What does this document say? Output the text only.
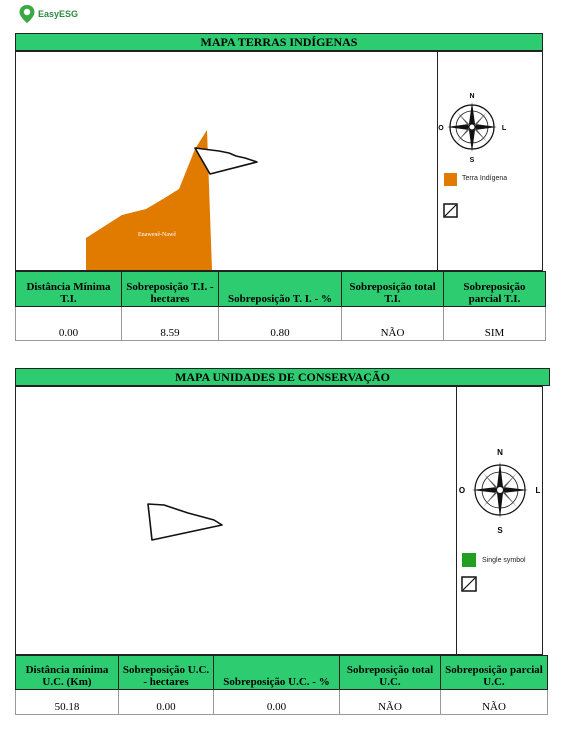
EasyESG
MAPA TERRAS INDÍGENAS
Enawenê-Nawê
N
S
O	L
Terra Indígena
Distância Mínima T.I.	Sobreposição T.I. - hectares	Sobreposição T. I. - %	Sobreposição total T.I.	Sobreposição parcial T.I.
0.00	8.59	0.80	NÃO	SIM
MAPA UNIDADES DE CONSERVAÇÃO
N
S
O	L
Single symbol
Distância mínima U.C. (Km)	Sobreposição U.C. - hectares	Sobreposição U.C. - %	Sobreposição total U.C.	Sobreposição parcial U.C.
50.18	0.00	0.00	NÃO	NÃO
